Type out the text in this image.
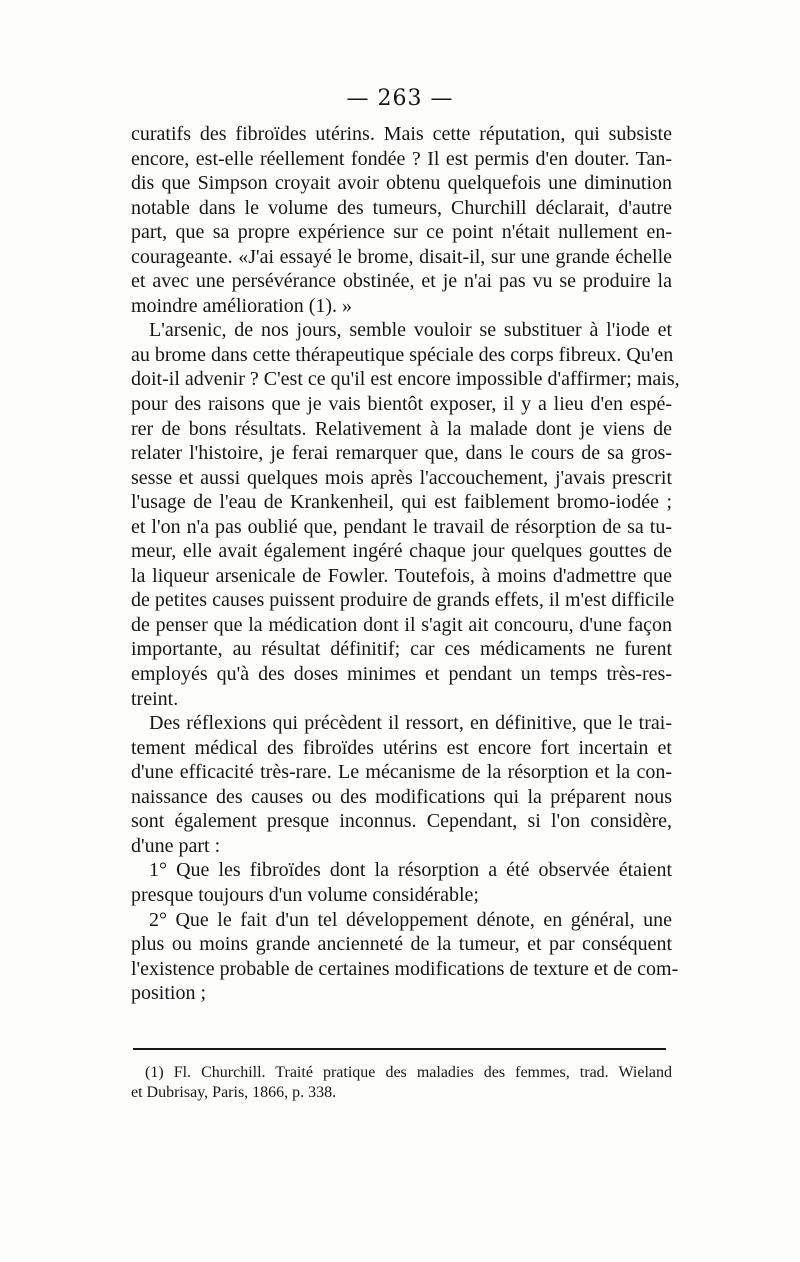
— 263 —
curatifs des fibroïdes utérins. Mais cette réputation, qui subsiste
encore, est-elle réellement fondée ? Il est permis d'en douter. Tan-
dis que Simpson croyait avoir obtenu quelquefois une diminution
notable dans le volume des tumeurs, Churchill déclarait, d'autre
part, que sa propre expérience sur ce point n'était nullement en-
courageante. «J'ai essayé le brome, disait-il, sur une grande échelle
et avec une persévérance obstinée, et je n'ai pas vu se produire la
moindre amélioration (1). »
L'arsenic, de nos jours, semble vouloir se substituer à l'iode et
au brome dans cette thérapeutique spéciale des corps fibreux. Qu'en
doit-il advenir ? C'est ce qu'il est encore impossible d'affirmer; mais,
pour des raisons que je vais bientôt exposer, il y a lieu d'en espé-
rer de bons résultats. Relativement à la malade dont je viens de
relater l'histoire, je ferai remarquer que, dans le cours de sa gros-
sesse et aussi quelques mois après l'accouchement, j'avais prescrit
l'usage de l'eau de Krankenheil, qui est faiblement bromo-iodée ;
et l'on n'a pas oublié que, pendant le travail de résorption de sa tu-
meur, elle avait également ingéré chaque jour quelques gouttes de
la liqueur arsenicale de Fowler. Toutefois, à moins d'admettre que
de petites causes puissent produire de grands effets, il m'est difficile
de penser que la médication dont il s'agit ait concouru, d'une façon
importante, au résultat définitif; car ces médicaments ne furent
employés qu'à des doses minimes et pendant un temps très-res-
treint.
Des réflexions qui précèdent il ressort, en définitive, que le trai-
tement médical des fibroïdes utérins est encore fort incertain et
d'une efficacité très-rare. Le mécanisme de la résorption et la con-
naissance des causes ou des modifications qui la préparent nous
sont également presque inconnus. Cependant, si l'on considère,
d'une part :
1° Que les fibroïdes dont la résorption a été observée étaient
presque toujours d'un volume considérable;
2° Que le fait d'un tel développement dénote, en général, une
plus ou moins grande ancienneté de la tumeur, et par conséquent
l'existence probable de certaines modifications de texture et de com-
position ;
(1) Fl. Churchill. Traité pratique des maladies des femmes, trad. Wieland
et Dubrisay, Paris, 1866, p. 338.
